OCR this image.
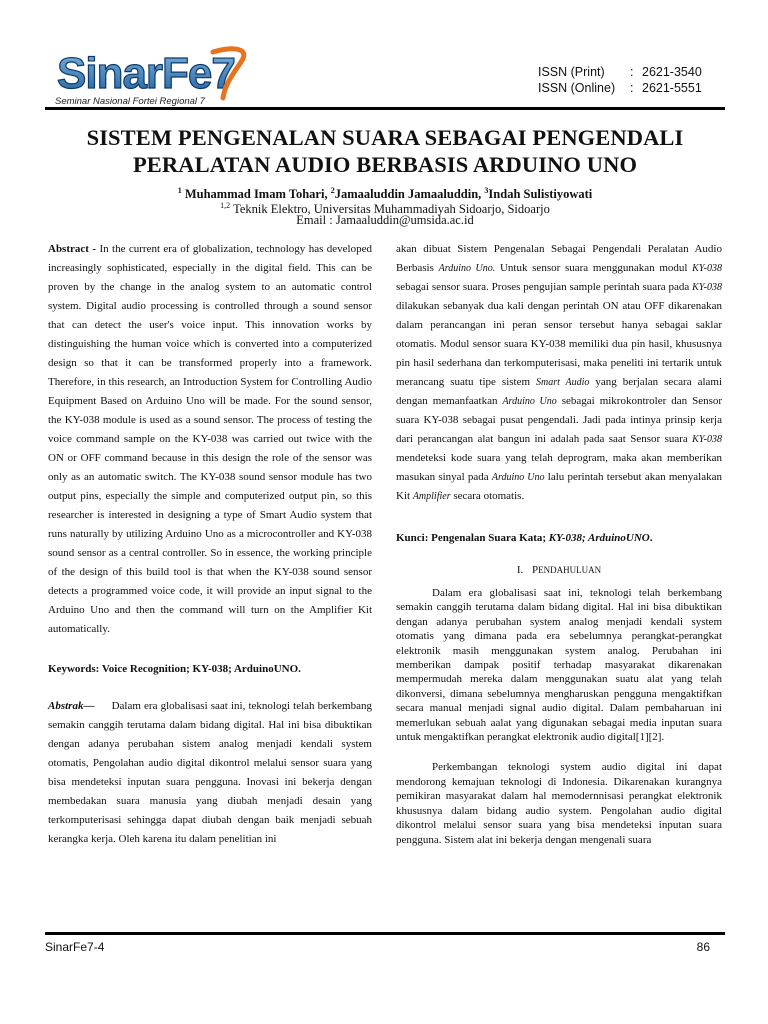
SinarFe7
Seminar Nasional Fortei Regional 7
ISSN (Print)	: 2621-3540
ISSN (Online)	: 2621-5551
SISTEM PENGENALAN SUARA SEBAGAI PENGENDALI
PERALATAN AUDIO BERBASIS ARDUINO UNO
$^1$ Muhammad Imam Tohari, $^2$Jamaaluddin Jamaaluddin, $^3$Indah Sulistiyowati
$^{1,2}$ Teknik Elektro, Universitas Muhammadiyah Sidoarjo, Sidoarjo
Email : Jamaaluddin@umsida.ac.id

Abstract - In the current era of globalization, technology has developed increasingly sophisticated, especially in the digital field. This can be proven by the change in the analog system to an automatic control system. Digital audio processing is controlled through a sound sensor that can detect the user's voice input. This innovation works by distinguishing the human voice which is converted into a computerized design so that it can be transformed properly into a framework. Therefore, in this research, an Introduction System for Controlling Audio Equipment Based on Arduino Uno will be made. For the sound sensor, the KY-038 module is used as a sound sensor. The process of testing the voice command sample on the KY-038 was carried out twice with the ON or OFF command because in this design the role of the sensor was only as an automatic switch. The KY-038 sound sensor module has two output pins, especially the simple and computerized output pin, so this researcher is interested in designing a type of Smart Audio system that runs naturally by utilizing Arduino Uno as a microcontroller and KY-038 sound sensor as a central controller. So in essence, the working principle of the design of this build tool is that when the KY-038 sound sensor detects a programmed voice code, it will provide an input signal to the Arduino Uno and then the command will turn on the Amplifier Kit automatically.

Keywords: Voice Recognition; KY-038; ArduinoUNO.

Abstrak— Dalam era globalisasi saat ini, teknologi telah berkembang semakin canggih terutama dalam bidang digital. Hal ini bisa dibuktikan dengan adanya perubahan sistem analog menjadi kendali system otomatis, Pengolahan audio digital dikontrol melalui sensor suara yang bisa mendeteksi inputan suara pengguna. Inovasi ini bekerja dengan membedakan suara manusia yang diubah menjadi desain yang terkomputerisasi sehingga dapat diubah dengan baik menjadi sebuah kerangka kerja. Oleh karena itu dalam penelitian ini

akan dibuat Sistem Pengenalan Sebagai Pengendali Peralatan Audio Berbasis Arduino Uno. Untuk sensor suara menggunakan modul KY-038 sebagai sensor suara. Proses pengujian sample perintah suara pada KY-038 dilakukan sebanyak dua kali dengan perintah ON atau OFF dikarenakan dalam perancangan ini peran sensor tersebut hanya sebagai saklar otomatis. Modul sensor suara KY-038 memiliki dua pin hasil, khususnya pin hasil sederhana dan terkomputerisasi, maka peneliti ini tertarik untuk merancang suatu tipe sistem Smart Audio yang berjalan secara alami dengan memanfaatkan Arduino Uno sebagai mikrokontroler dan Sensor suara KY-038 sebagai pusat pengendali. Jadi pada intinya prinsip kerja dari perancangan alat bangun ini adalah pada saat Sensor suara KY-038 mendeteksi kode suara yang telah deprogram, maka akan memberikan masukan sinyal pada Arduino Uno lalu perintah tersebut akan menyalakan Kit Amplifier secara otomatis.

Kunci: Pengenalan Suara Kata; KY-038; ArduinoUNO.

I. PENDAHULUAN

Dalam era globalisasi saat ini, teknologi telah berkembang semakin canggih terutama dalam bidang digital. Hal ini bisa dibuktikan dengan adanya perubahan system analog menjadi kendali system otomatis yang dimana pada era sebelumnya perangkat-perangkat elektronik masih menggunakan system analog. Perubahan ini memberikan dampak positif terhadap masyarakat dikarenakan mempermudah mereka dalam menggunakan suatu alat yang telah dikonversi, dimana sebelumnya mengharuskan pengguna mengaktifkan secara manual menjadi signal audio digital. Dalam pembaharuan ini memerlukan sebuah aalat yang digunakan sebagai media inputan suara untuk mengaktifkan perangkat elektronik audio digital[1][2].

Perkembangan teknologi system audio digital ini dapat mendorong kemajuan teknologi di Indonesia. Dikarenakan kurangnya pemikiran masyarakat dalam hal memodernnisasi perangkat elektronik khususnya dalam bidang audio system. Pengolahan audio digital dikontrol melalui sensor suara yang bisa mendeteksi inputan suara pengguna. Sistem alat ini bekerja dengan mengenali suara

SinarFe7-4	86
